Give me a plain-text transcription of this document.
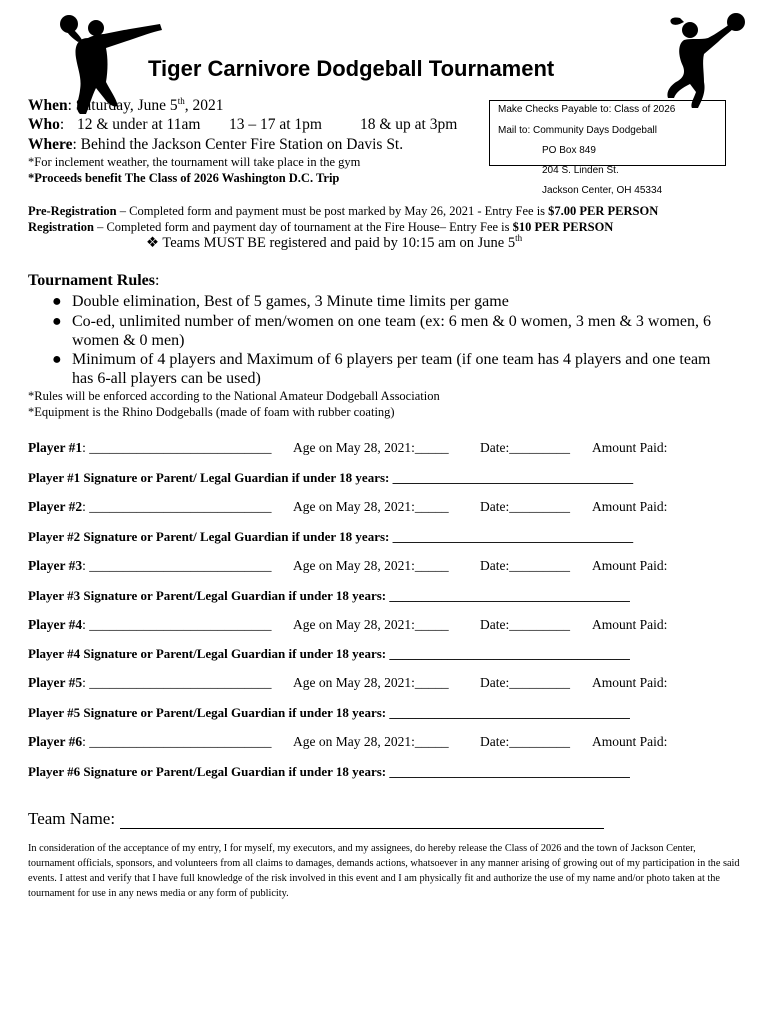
Tiger Carnivore Dodgeball Tournament
When: Saturday, June 5th, 2021
Who: 12 & under at 11am 13 – 17 at 1pm 18 & up at 3pm
Where: Behind the Jackson Center Fire Station on Davis St.
*For inclement weather, the tournament will take place in the gym
*Proceeds benefit The Class of 2026 Washington D.C. Trip
Make Checks Payable to: Class of 2026
Mail to: Community Days Dodgeball
PO Box 849
204 S. Linden St.
Jackson Center, OH 45334
Pre-Registration – Completed form and payment must be post marked by May 26, 2021 - Entry Fee is $7.00 PER PERSON
Registration – Completed form and payment day of tournament at the Fire House– Entry Fee is $10 PER PERSON
❖ Teams MUST BE registered and paid by 10:15 am on June 5th
Tournament Rules:
● Double elimination, Best of 5 games, 3 Minute time limits per game
● Co-ed, unlimited number of men/women on one team (ex: 6 men & 0 women, 3 men & 3 women, 6
women & 0 men)
● Minimum of 4 players and Maximum of 6 players per team (if one team has 4 players and one team
has 6-all players can be used)
*Rules will be enforced according to the National Amateur Dodgeball Association
*Equipment is the Rhino Dodgeballs (made of foam with rubber coating)
Player #1: ___________________________ Age on May 28, 2021:_____ Date:_________ Amount Paid:
Player #1 Signature or Parent/ Legal Guardian if under 18 years: _____________________________________
Player #2: ___________________________ Age on May 28, 2021:_____ Date:_________ Amount Paid:
Player #2 Signature or Parent/ Legal Guardian if under 18 years: _____________________________________
Player #3: ___________________________ Age on May 28, 2021:_____ Date:_________ Amount Paid:
Player #3 Signature or Parent/Legal Guardian if under 18 years: _____________________________________
Player #4: ___________________________ Age on May 28, 2021:_____ Date:_________ Amount Paid:
Player #4 Signature or Parent/Legal Guardian if under 18 years: _____________________________________
Player #5: ___________________________ Age on May 28, 2021:_____ Date:_________ Amount Paid:
Player #5 Signature or Parent/Legal Guardian if under 18 years: _____________________________________
Player #6: ___________________________ Age on May 28, 2021:_____ Date:_________ Amount Paid:
Player #6 Signature or Parent/Legal Guardian if under 18 years: _____________________________________
Team Name:
In consideration of the acceptance of my entry, I for myself, my executors, and my assignees, do hereby release the Class of 2026 and the town of Jackson Center, tournament officials, sponsors, and volunteers from all claims to damages, demands actions, whatsoever in any manner arising of growing out of my participation in the said events. I attest and verify that I have full knowledge of the risk involved in this event and I am physically fit and authorize the use of my name and/or photo taken at the tournament for use in any news media or any form of publicity.
